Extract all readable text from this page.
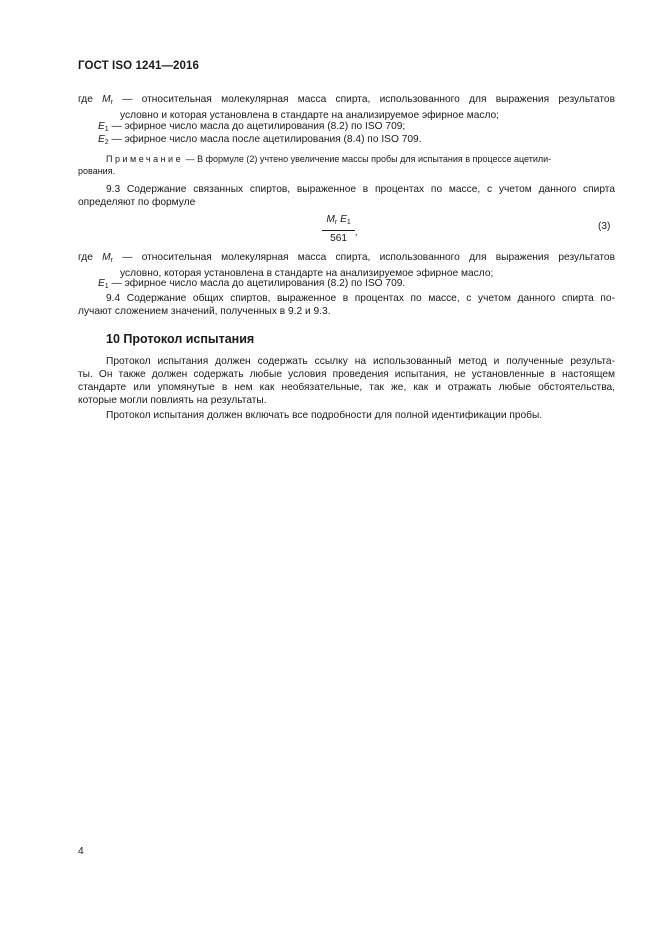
ГОСТ ISO 1241—2016
где $M_r$ — относительная молекулярная масса спирта, использованного для выражения результатов
условно и которая установлена в стандарте на анализируемое эфирное масло;
$E_1$ — эфирное число масла до ацетилирования (8.2) по ISO 709;
$E_2$ — эфирное число масла после ацетилирования (8.4) по ISO 709.
Примечание — В формуле (2) учтено увеличение массы пробы для испытания в процессе ацетили-
рования.
9.3 Содержание связанных спиртов, выраженное в процентах по массе, с учетом данного спирта
определяют по формуле
$\frac{M_r E_1}{561}$ ,
(3)
где $M_r$ — относительная молекулярная масса спирта, использованного для выражения результатов
условно, которая установлена в стандарте на анализируемое эфирное масло;
$E_1$ — эфирное число масла до ацетилирования (8.2) по ISO 709.
9.4 Содержание общих спиртов, выраженное в процентах по массе, с учетом данного спирта по-
лучают сложением значений, полученных в 9.2 и 9.3.
10 Протокол испытания
Протокол испытания должен содержать ссылку на использованный метод и полученные результа-
ты. Он также должен содержать любые условия проведения испытания, не установленные в настоящем
стандарте или упомянутые в нем как необязательные, так же, как и отражать любые обстоятельства,
которые могли повлиять на результаты.
Протокол испытания должен включать все подробности для полной идентификации пробы.
4
